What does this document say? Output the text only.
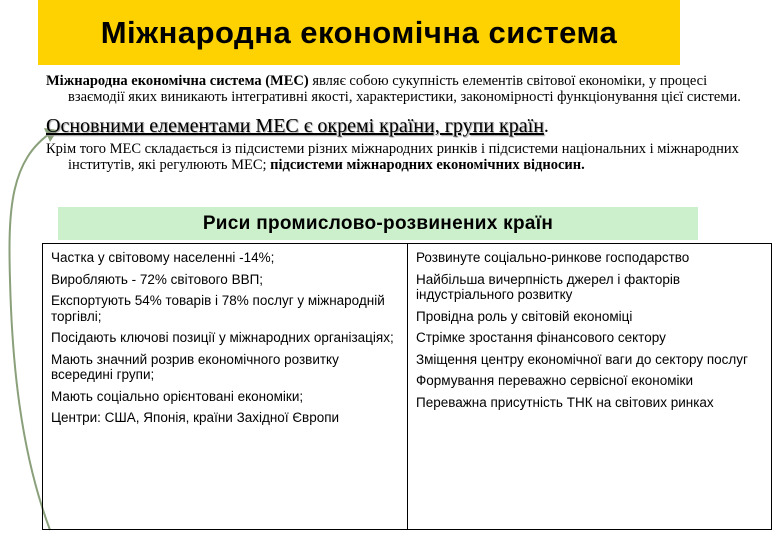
Міжнародна економічна система

Міжнародна економічна система (МЕС) являє собою сукупність елементів світової економіки, у процесі взаємодії яких виникають інтегративні якості, характеристики, закономірності функціонування цієї системи.

Основними елементами МЕС є окремі країни, групи країн.

Крім того МЕС складається із підсистеми різних міжнародних ринків і підсистеми національних і міжнародних інститутів, які регулюють МЕС; підсистеми міжнародних економічних відносин.

Риси промислово-розвинених країн

Частка у світовому населенні -14%;

Виробляють - 72% світового ВВП;

Експортують 54% товарів і 78% послуг у міжнародній торгівлі;

Посідають ключові позиції у міжнародних організаціях;

Мають значний розрив економічного розвитку всередині групи;

Мають соціально орієнтовані економіки;

Центри: США, Японія, країни Західної Європи

Розвинуте соціально-ринкове господарство

Найбільша вичерпність джерел і факторів індустріального розвитку

Провідна роль у світовій економіці

Стрімке зростання фінансового сектору

Зміщення центру економічної ваги до сектору послуг

Формування переважно сервісної економіки

Переважна присутність ТНК на світових ринках
